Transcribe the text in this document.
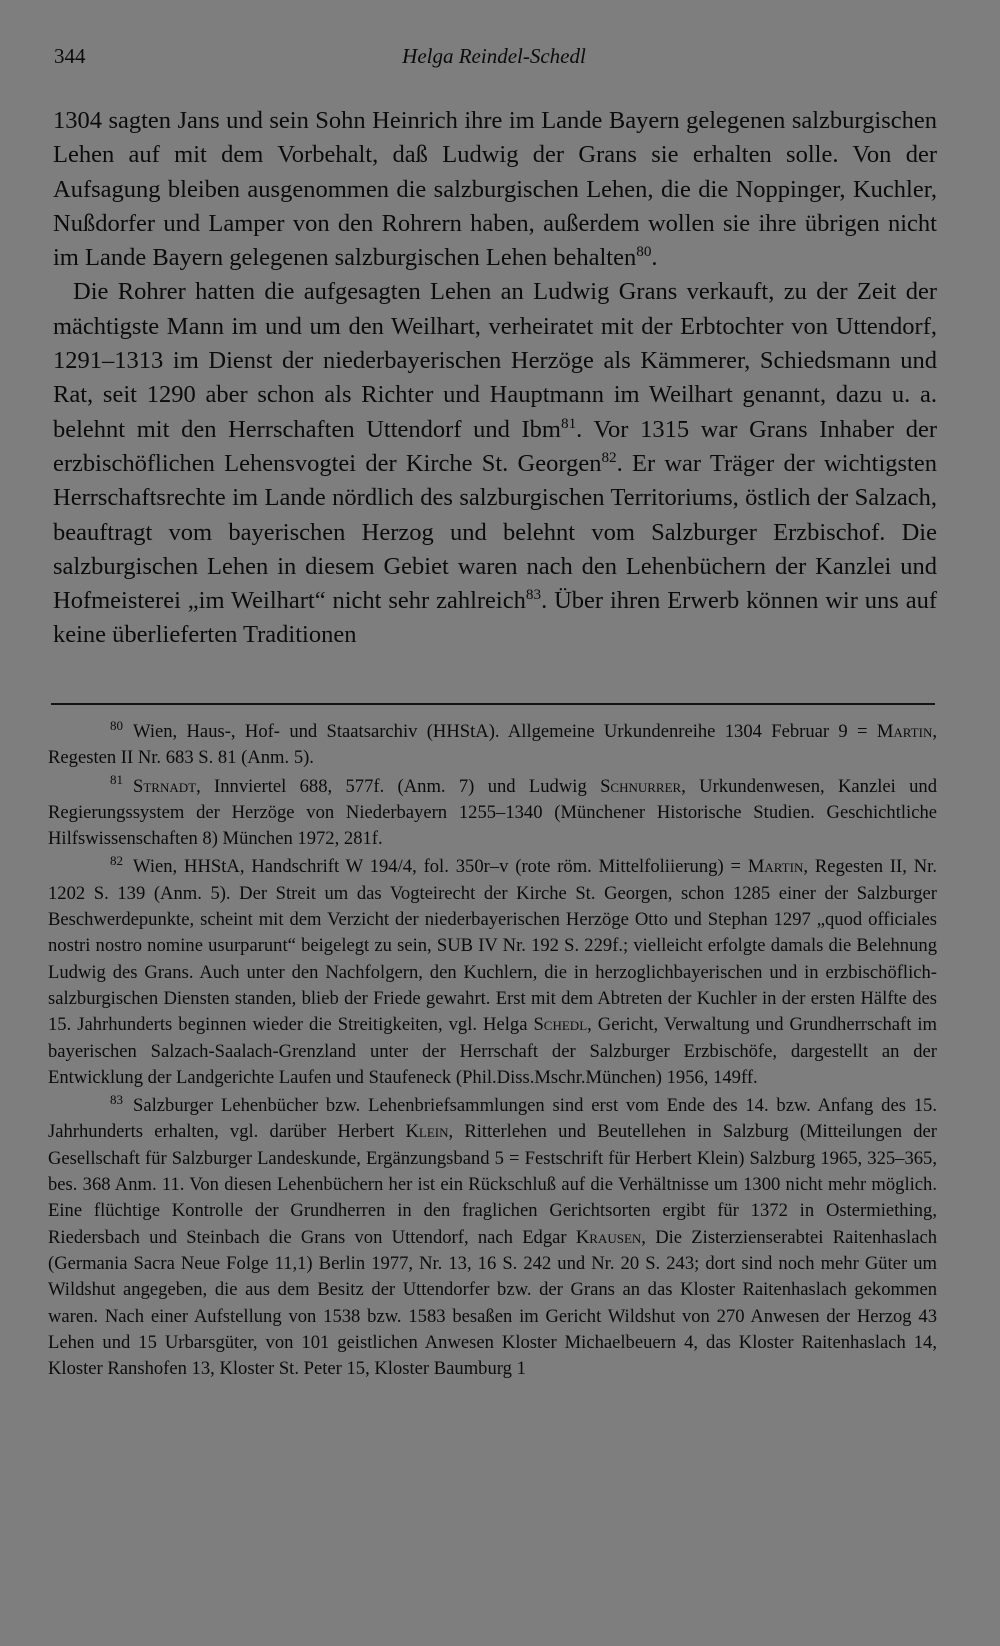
344	Helga Reindel-Schedl

1304 sagten Jans und sein Sohn Heinrich ihre im Lande Bayern gelegenen salzburgischen Lehen auf mit dem Vorbehalt, daß Ludwig der Grans sie erhalten solle. Von der Aufsagung bleiben ausgenommen die salzburgischen Lehen, die die Noppinger, Kuchler, Nußdorfer und Lamper von den Rohrern haben, außerdem wollen sie ihre übrigen nicht im Lande Bayern gelegenen salzburgischen Lehen behalten$^{80}$.

Die Rohrer hatten die aufgesagten Lehen an Ludwig Grans verkauft, zu der Zeit der mächtigste Mann im und um den Weilhart, verheiratet mit der Erbtochter von Uttendorf, 1291–1313 im Dienst der niederbayerischen Herzöge als Kämmerer, Schiedsmann und Rat, seit 1290 aber schon als Richter und Hauptmann im Weilhart genannt, dazu u. a. belehnt mit den Herrschaften Uttendorf und Ibm$^{81}$. Vor 1315 war Grans Inhaber der erzbischöflichen Lehensvogtei der Kirche St. Georgen$^{82}$. Er war Träger der wichtigsten Herrschaftsrechte im Lande nördlich des salzburgischen Territoriums, östlich der Salzach, beauftragt vom bayerischen Herzog und belehnt vom Salzburger Erzbischof. Die salzburgischen Lehen in diesem Gebiet waren nach den Lehenbüchern der Kanzlei und Hofmeisterei „im Weilhart“ nicht sehr zahlreich$^{83}$. Über ihren Erwerb können wir uns auf keine überlieferten Traditionen

80 Wien, Haus-, Hof- und Staatsarchiv (HHStA). Allgemeine Urkundenreihe 1304 Februar 9 = Martin, Regesten II Nr. 683 S. 81 (Anm. 5).

81 Strnadt, Innviertel 688, 577f. (Anm. 7) und Ludwig Schnurrer, Urkundenwesen, Kanzlei und Regierungssystem der Herzöge von Niederbayern 1255–1340 (Münchener Historische Studien. Geschichtliche Hilfswissenschaften 8) München 1972, 281f.

82 Wien, HHStA, Handschrift W 194/4, fol. 350r–v (rote röm. Mittelfoliierung) = Martin, Regesten II, Nr. 1202 S. 139 (Anm. 5). Der Streit um das Vogteirecht der Kirche St. Georgen, schon 1285 einer der Salzburger Beschwerdepunkte, scheint mit dem Verzicht der niederbayerischen Herzöge Otto und Stephan 1297 „quod officiales nostri nostro nomine usurparunt“ beigelegt zu sein, SUB IV Nr. 192 S. 229f.; vielleicht erfolgte damals die Belehnung Ludwig des Grans. Auch unter den Nachfolgern, den Kuchlern, die in herzoglichbayerischen und in erzbischöflich-salzburgischen Diensten standen, blieb der Friede gewahrt. Erst mit dem Abtreten der Kuchler in der ersten Hälfte des 15. Jahrhunderts beginnen wieder die Streitigkeiten, vgl. Helga Schedl, Gericht, Verwaltung und Grundherrschaft im bayerischen Salzach-Saalach-Grenzland unter der Herrschaft der Salzburger Erzbischöfe, dargestellt an der Entwicklung der Landgerichte Laufen und Staufeneck (Phil.Diss.Mschr.München) 1956, 149ff.

83 Salzburger Lehenbücher bzw. Lehenbriefsammlungen sind erst vom Ende des 14. bzw. Anfang des 15. Jahrhunderts erhalten, vgl. darüber Herbert Klein, Ritterlehen und Beutellehen in Salzburg (Mitteilungen der Gesellschaft für Salzburger Landeskunde, Ergänzungsband 5 = Festschrift für Herbert Klein) Salzburg 1965, 325–365, bes. 368 Anm. 11. Von diesen Lehenbüchern her ist ein Rückschluß auf die Verhältnisse um 1300 nicht mehr möglich. Eine flüchtige Kontrolle der Grundherren in den fraglichen Gerichtsorten ergibt für 1372 in Ostermiething, Riedersbach und Steinbach die Grans von Uttendorf, nach Edgar Krausen, Die Zisterzienserabtei Raitenhaslach (Germania Sacra Neue Folge 11,1) Berlin 1977, Nr. 13, 16 S. 242 und Nr. 20 S. 243; dort sind noch mehr Güter um Wildshut angegeben, die aus dem Besitz der Uttendorfer bzw. der Grans an das Kloster Raitenhaslach gekommen waren. Nach einer Aufstellung von 1538 bzw. 1583 besaßen im Gericht Wildshut von 270 Anwesen der Herzog 43 Lehen und 15 Urbarsgüter, von 101 geistlichen Anwesen Kloster Michaelbeuern 4, das Kloster Raitenhaslach 14, Kloster Ranshofen 13, Kloster St. Peter 15, Kloster Baumburg 1
